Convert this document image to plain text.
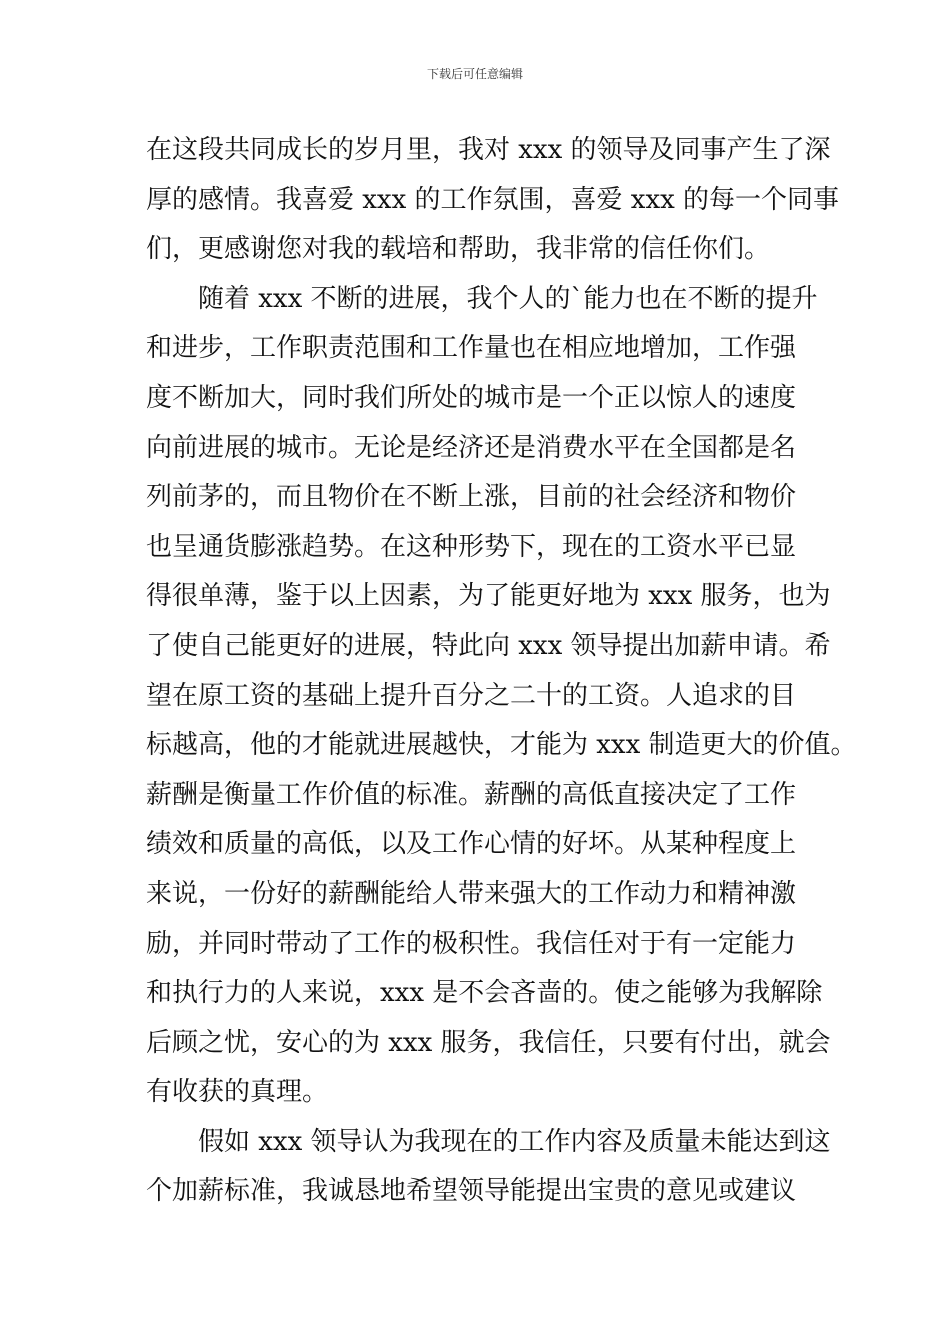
下载后可任意编辑
在这段共同成长的岁月里，我对 xxx 的领导及同事产生了深
厚的感情。我喜爱 xxx 的工作氛围，喜爱 xxx 的每一个同事
们，更感谢您对我的载培和帮助，我非常的信任你们。
随着 xxx 不断的进展，我个人的`能力也在不断的提升
和进步，工作职责范围和工作量也在相应地增加，工作强
度不断加大，同时我们所处的城市是一个正以惊人的速度
向前进展的城市。无论是经济还是消费水平在全国都是名
列前茅的，而且物价在不断上涨，目前的社会经济和物价
也呈通货膨涨趋势。在这种形势下，现在的工资水平已显
得很单薄，鉴于以上因素，为了能更好地为 xxx 服务，也为
了使自己能更好的进展，特此向 xxx 领导提出加薪申请。希
望在原工资的基础上提升百分之二十的工资。人追求的目
标越高，他的才能就进展越快，才能为 xxx 制造更大的价值。
薪酬是衡量工作价值的标准。薪酬的高低直接决定了工作
绩效和质量的高低，以及工作心情的好坏。从某种程度上
来说，一份好的薪酬能给人带来强大的工作动力和精神激
励，并同时带动了工作的极积性。我信任对于有一定能力
和执行力的人来说，xxx 是不会吝啬的。使之能够为我解除
后顾之忧，安心的为 xxx 服务，我信任，只要有付出，就会
有收获的真理。
假如 xxx 领导认为我现在的工作内容及质量未能达到这
个加薪标准，我诚恳地希望领导能提出宝贵的意见或建议
